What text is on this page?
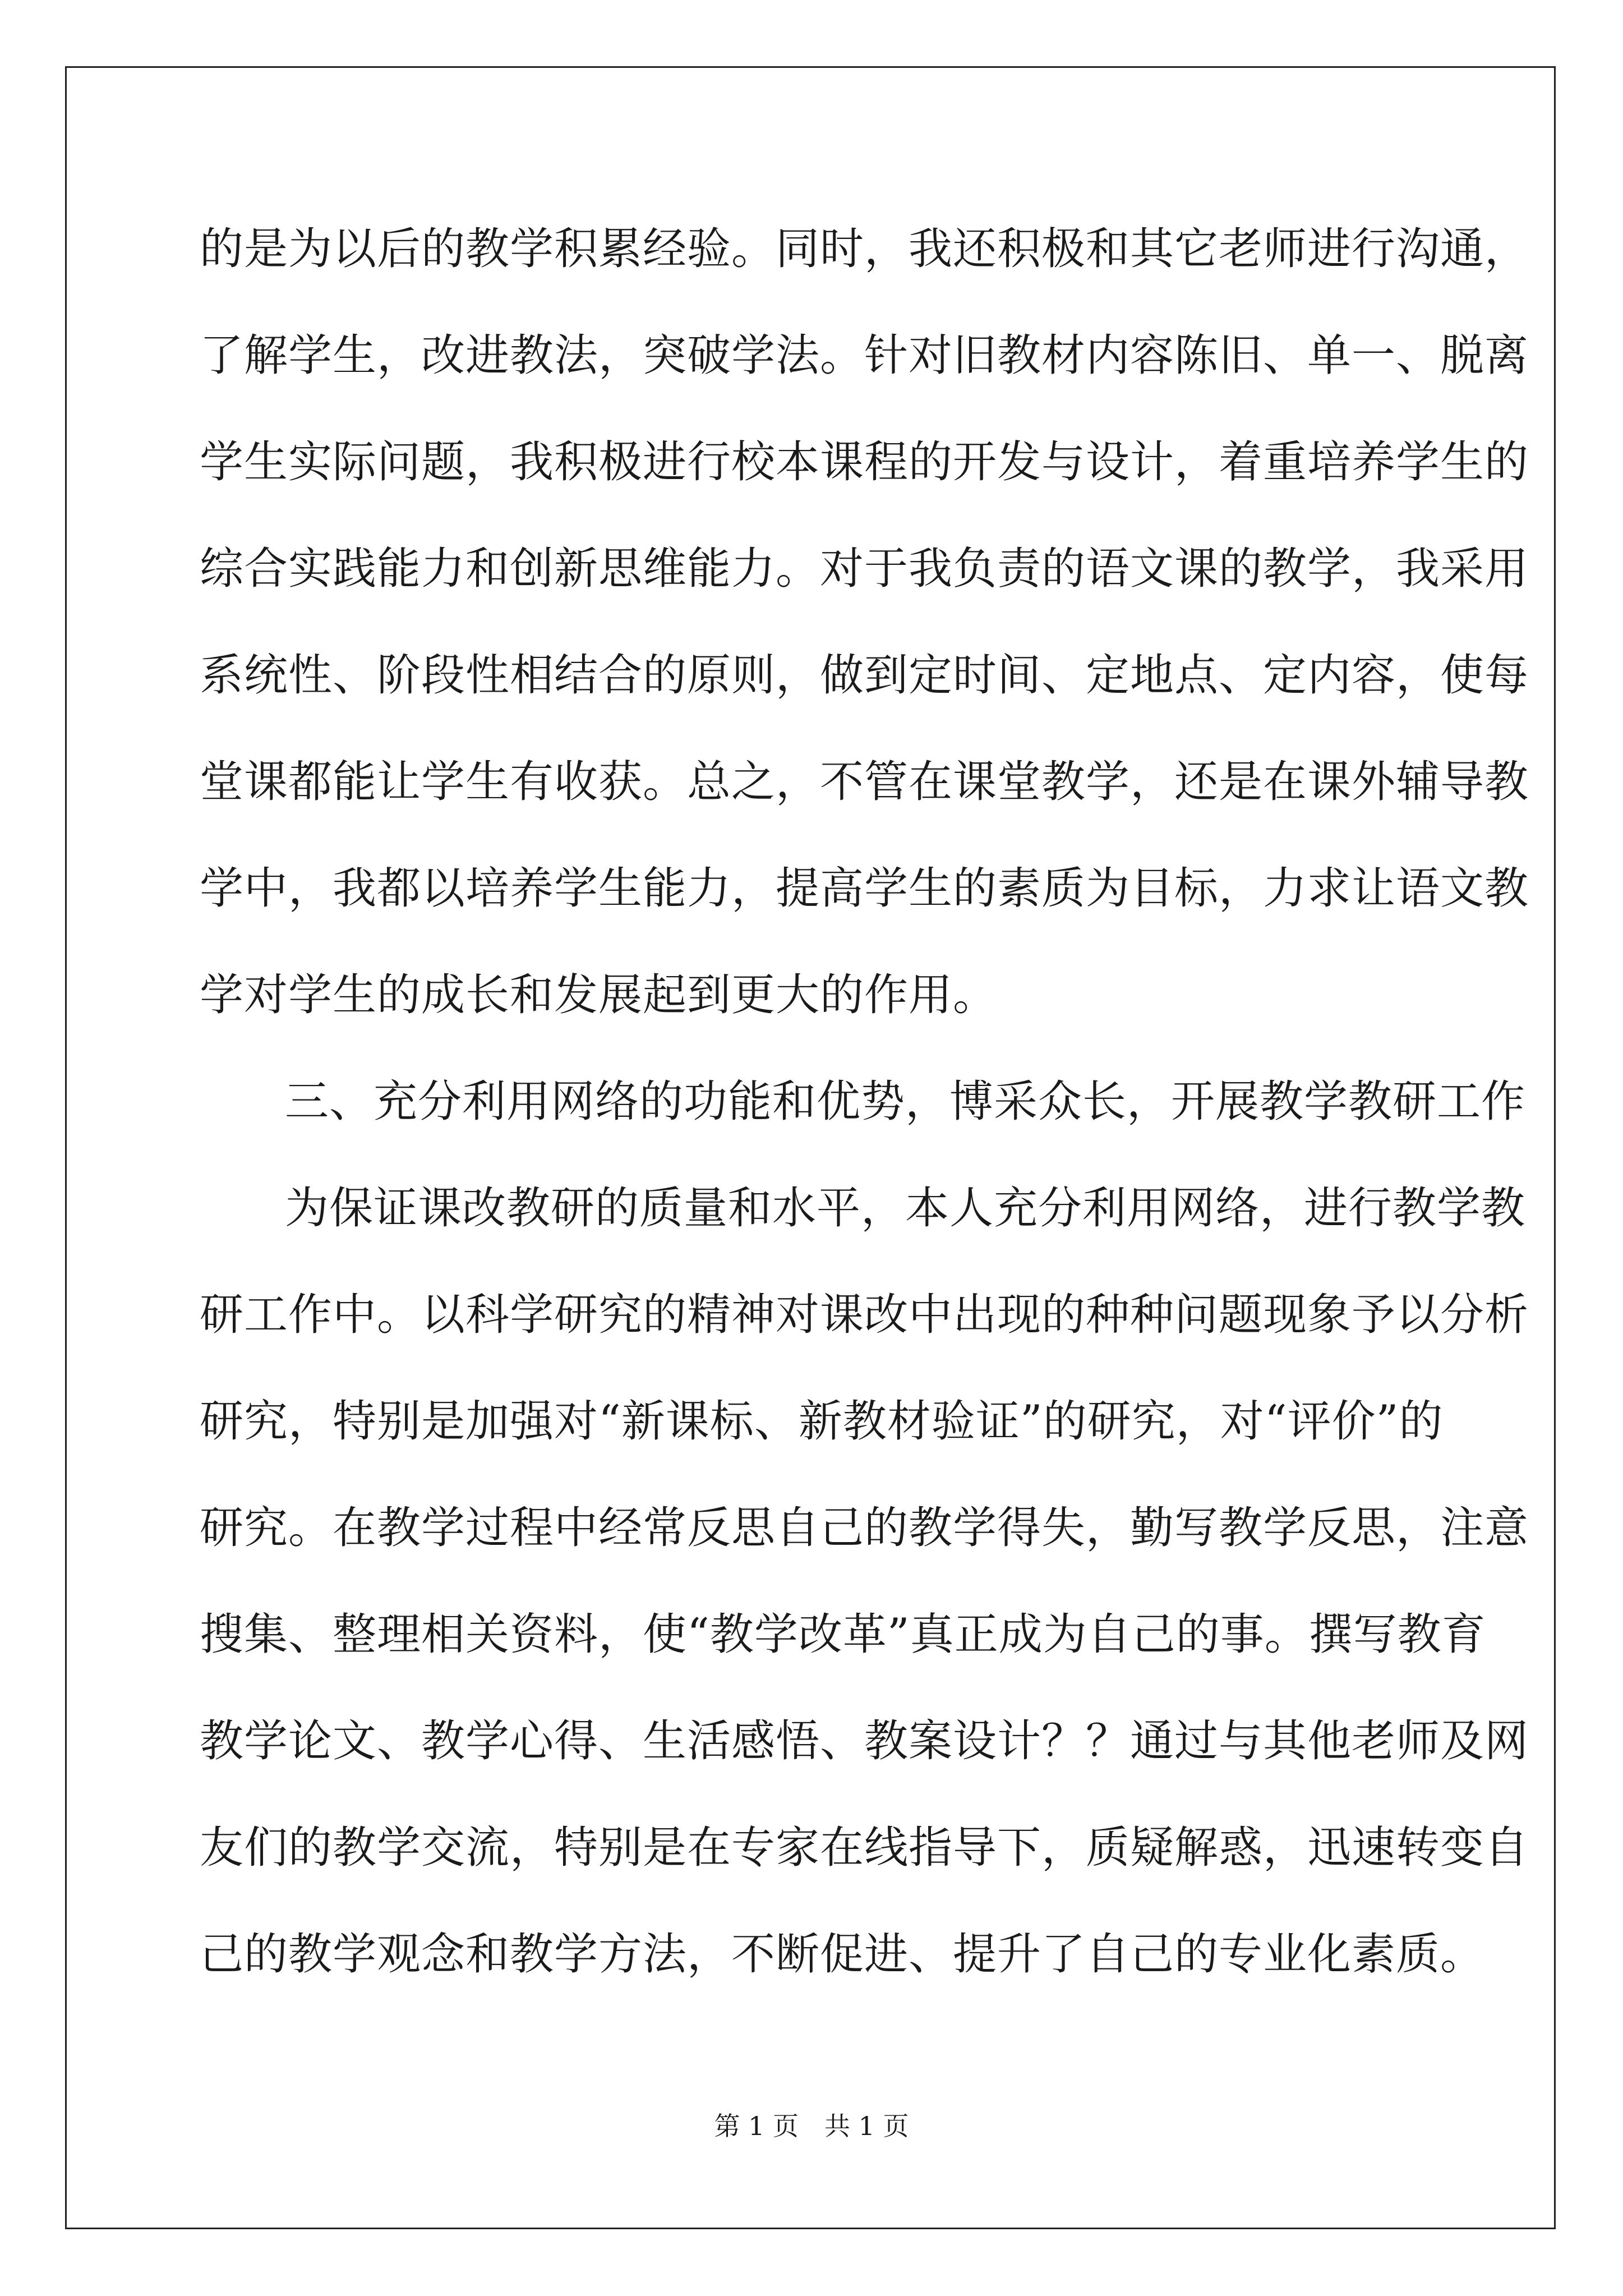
的是为以后的教学积累经验。同时，我还积极和其它老师进行沟通，
了解学生，改进教法，突破学法。针对旧教材内容陈旧、单一、脱离
学生实际问题，我积极进行校本课程的开发与设计，着重培养学生的
综合实践能力和创新思维能力。对于我负责的语文课的教学，我采用
系统性、阶段性相结合的原则，做到定时间、定地点、定内容，使每
堂课都能让学生有收获。总之，不管在课堂教学，还是在课外辅导教
学中，我都以培养学生能力，提高学生的素质为目标，力求让语文教
学对学生的成长和发展起到更大的作用。
三、充分利用网络的功能和优势，博采众长，开展教学教研工作
为保证课改教研的质量和水平，本人充分利用网络，进行教学教
研工作中。以科学研究的精神对课改中出现的种种问题现象予以分析
研究，特别是加强对“新课标、新教材验证”的研究，对“评价”的
研究。在教学过程中经常反思自己的教学得失，勤写教学反思，注意
搜集、整理相关资料，使“教学改革”真正成为自己的事。撰写教育
教学论文、教学心得、生活感悟、教案设计？？通过与其他老师及网
友们的教学交流，特别是在专家在线指导下，质疑解惑，迅速转变自
己的教学观念和教学方法，不断促进、提升了自己的专业化素质。
第 1 页　共 1 页
